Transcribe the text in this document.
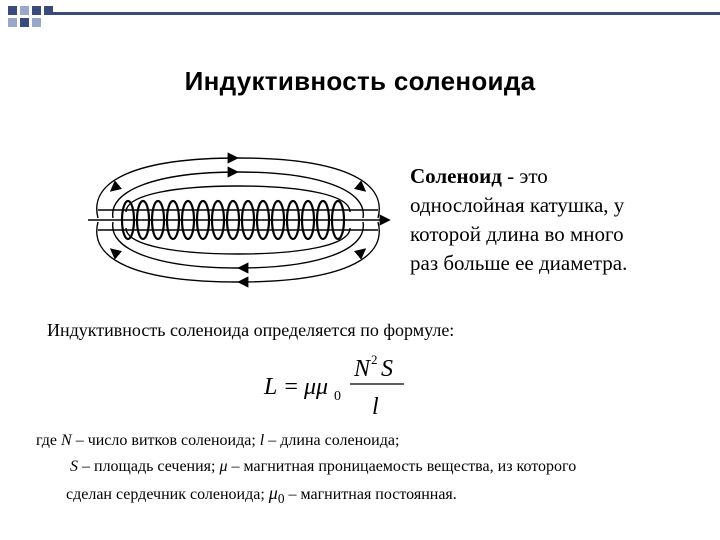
Индуктивность соленоида
Соленоид - это
однослойная катушка, у
которой длина во много
раз больше ее диаметра.
Индуктивность соленоида определяется по формуле:
L = μμ 0
N 2 S
l
где N – число витков соленоида; l – длина соленоида;
S – площадь сечения; μ – магнитная проницаемость вещества, из которого
сделан сердечник соленоида; $\mu_0$ – магнитная постоянная.
